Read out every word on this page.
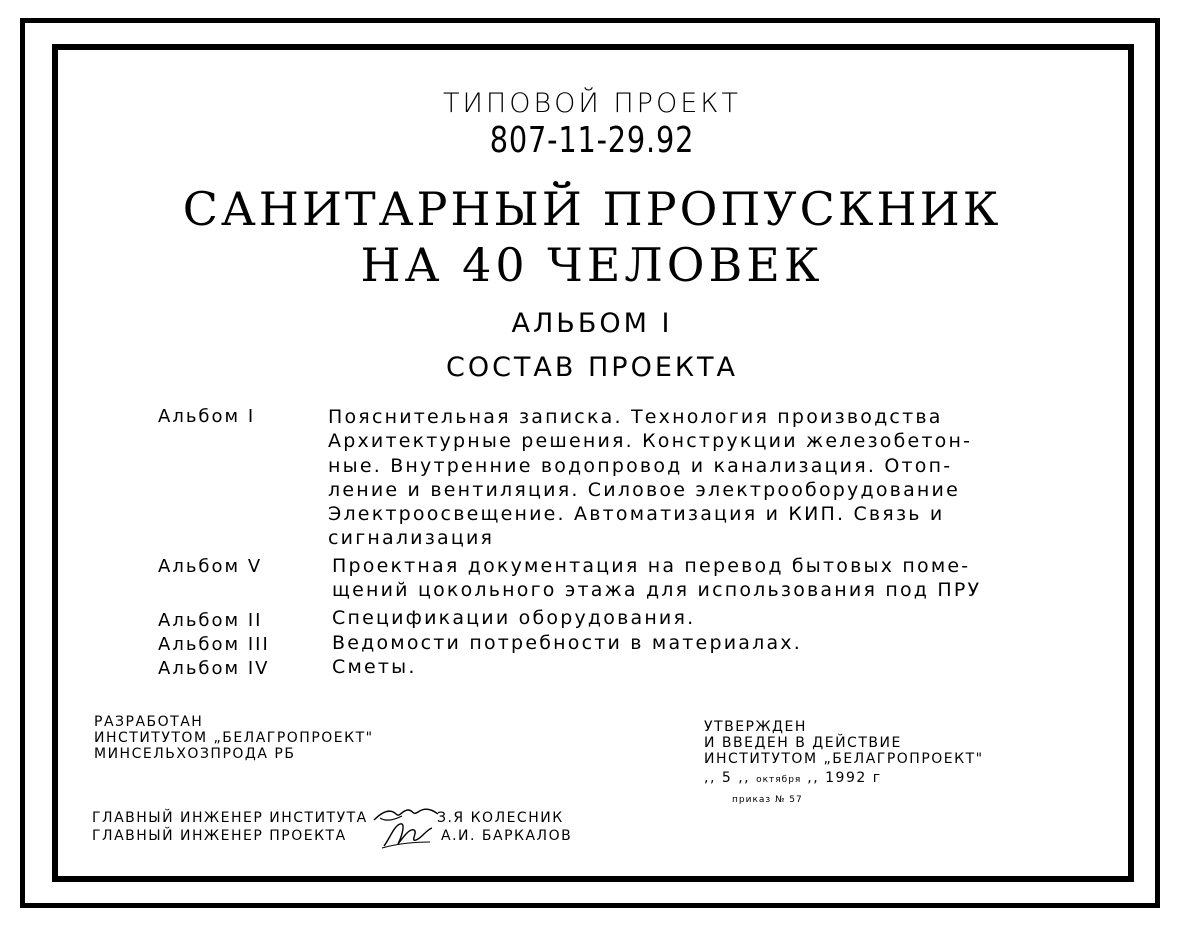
ТИПОВОЙ ПРОЕКТ
807-11-29.92
САНИТАРНЫЙ ПРОПУСКНИК
НА 40 ЧЕЛОВЕК
АЛЬБОМ I
СОСТАВ ПРОЕКТА
Альбом I	Пояснительная записка. Технология производства
Архитектурные решения. Конструкции железобетон-
ные. Внутренние водопровод и канализация. Отоп-
ление и вентиляция. Силовое электрооборудование
Электроосвещение. Автоматизация и КИП. Связь и
сигнализация
Альбом V	Проектная документация на перевод бытовых поме-
щений цокольного этажа для использования под ПРУ
Альбом II	Спецификации оборудования.
Альбом III	Ведомости потребности в материалах.
Альбом IV	Сметы.
РАЗРАБОТАН
ИНСТИТУТОМ „БЕЛАГРОПРОЕКТ"
МИНСЕЛЬХОЗПРОДА РБ
УТВЕРЖДЕН
И ВВЕДЕН В ДЕЙСТВИЕ
ИНСТИТУТОМ „БЕЛАГРОПРОЕКТ"
,, 5 ,, октября ,, 1992 г
приказ № 57
ГЛАВНЫЙ ИНЖЕНЕР ИНСТИТУТА	З.Я КОЛЕСНИК
ГЛАВНЫЙ ИНЖЕНЕР ПРОЕКТА	А.И. БАРКАЛОВ
